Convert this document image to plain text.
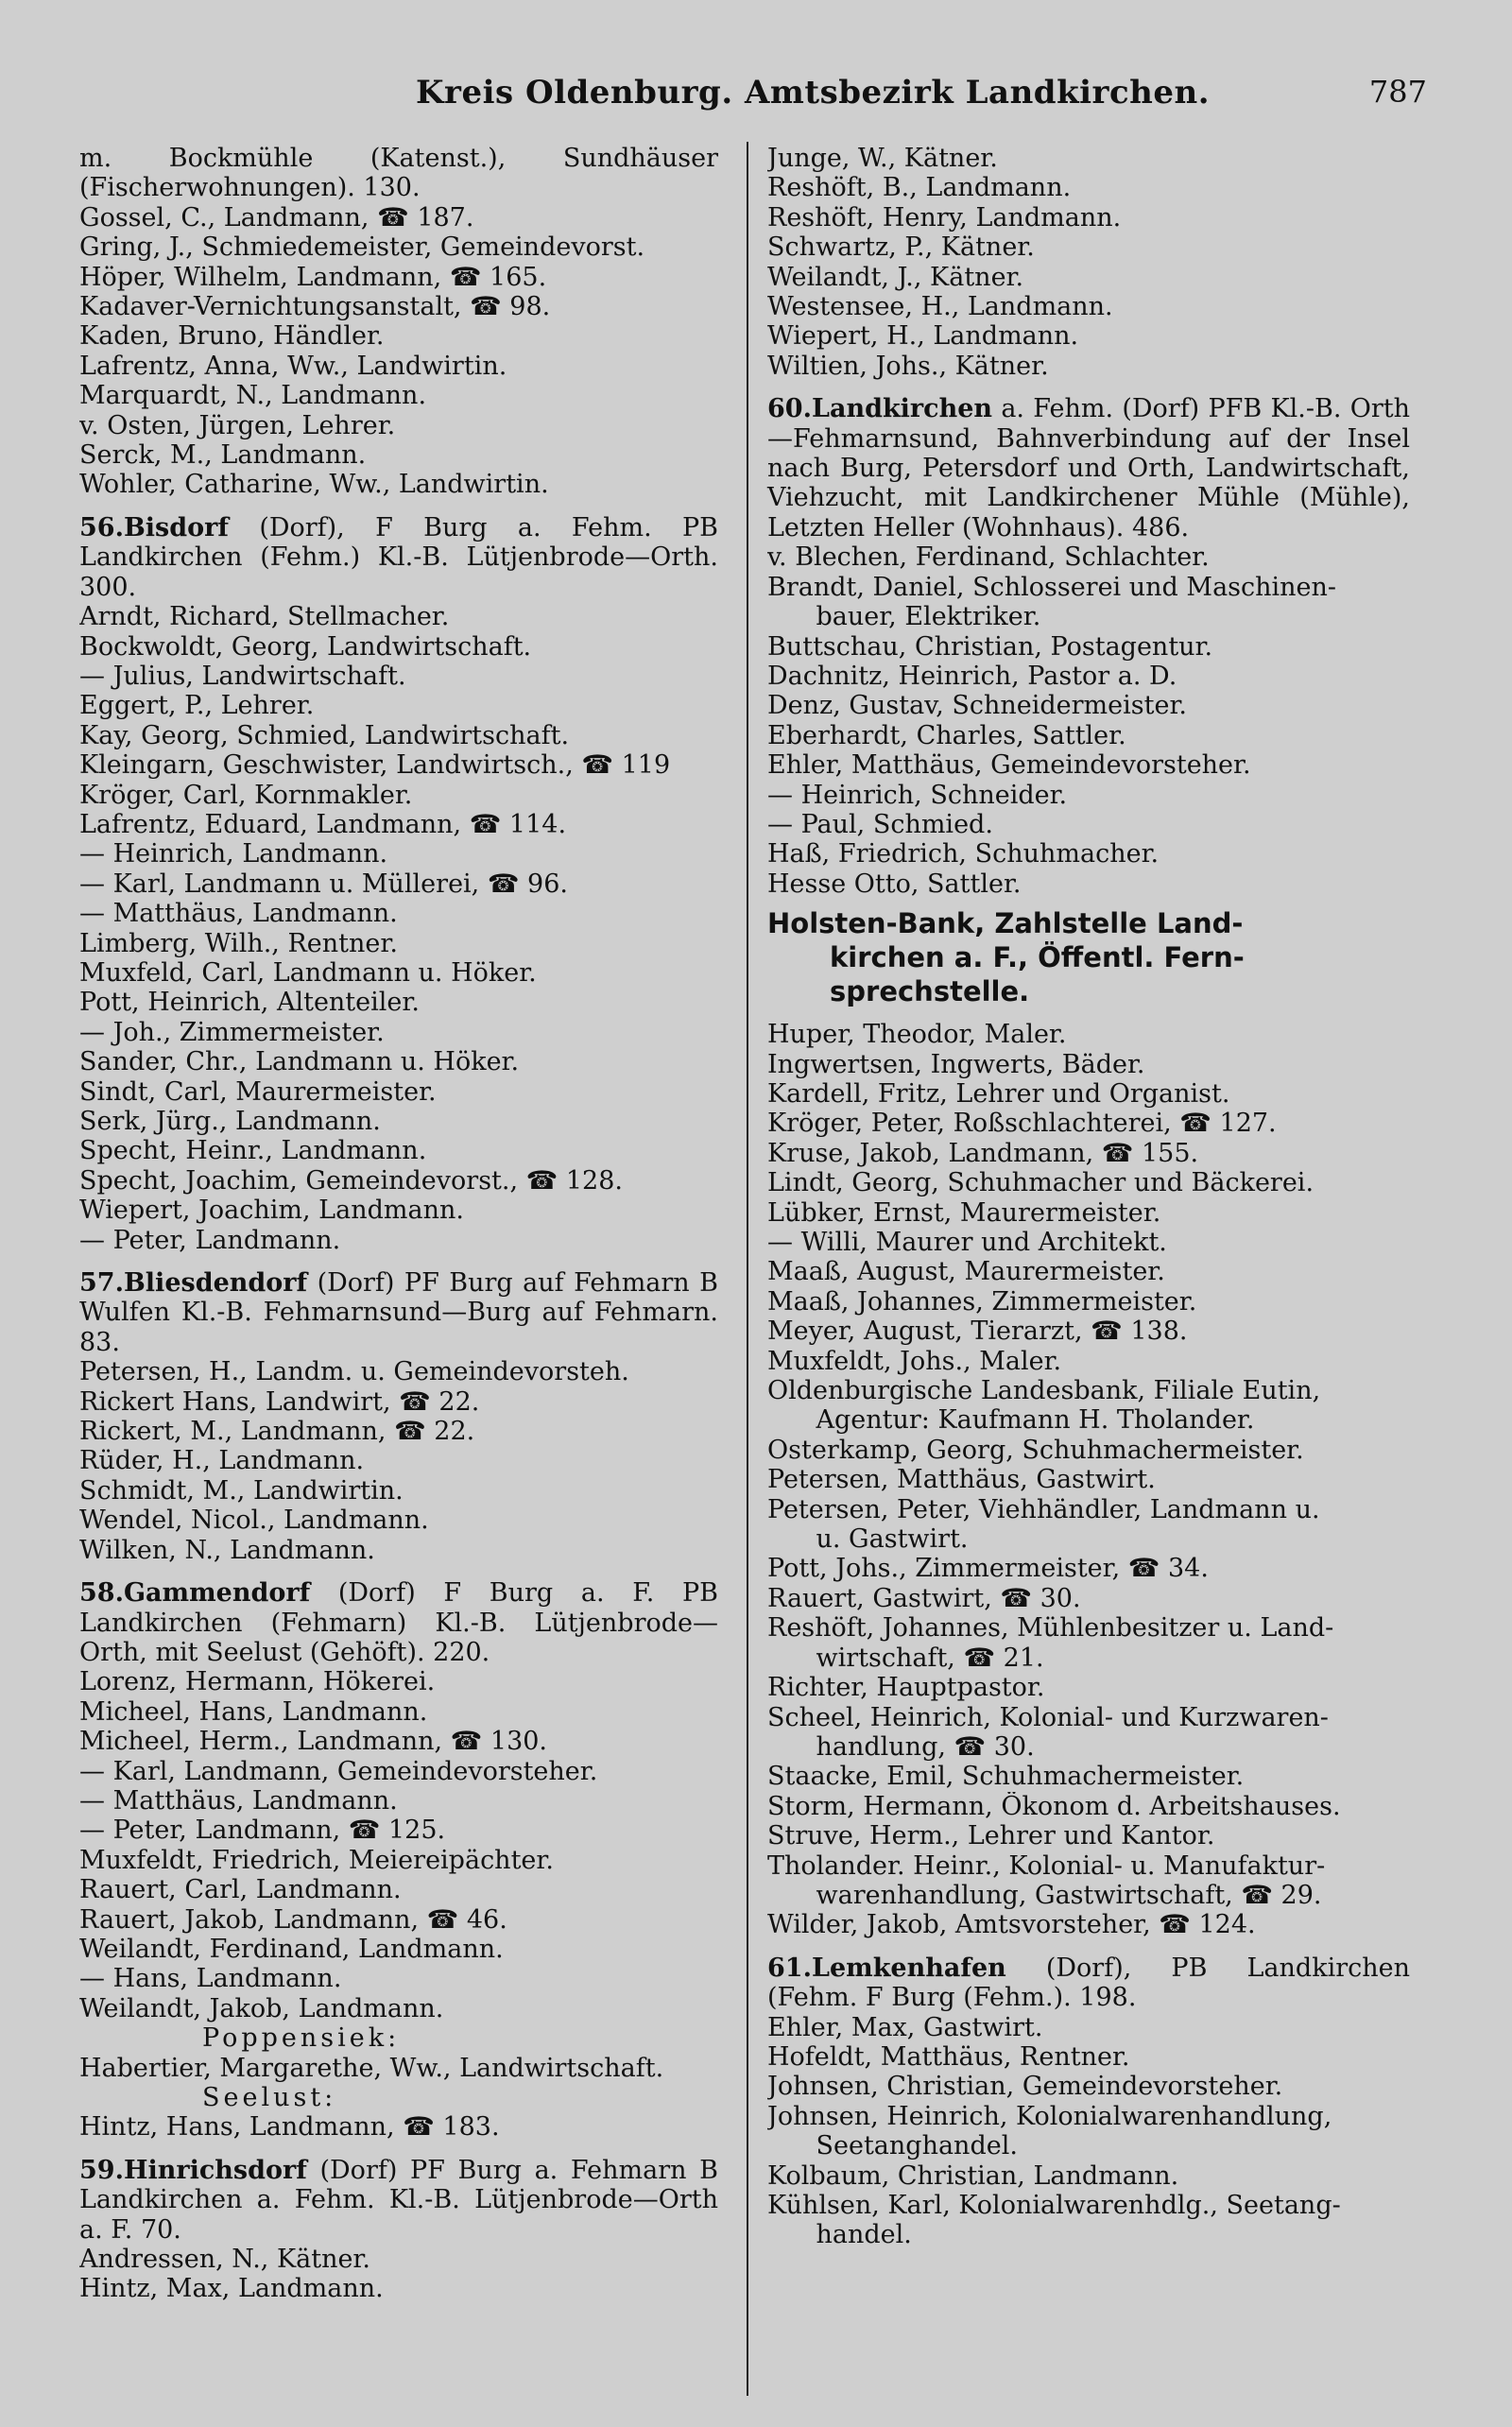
Kreis Oldenburg. Amtsbezirk Landkirchen.	787
m. Bockmühle (Katenst.), Sundhäuser (Fischerwohnungen). 130.
Gossel, C., Landmann, ☎ 187.
Gring, J., Schmiedemeister, Gemeindevorst.
Höper, Wilhelm, Landmann, ☎ 165.
Kadaver-Vernichtungsanstalt, ☎ 98.
Kaden, Bruno, Händler.
Lafrentz, Anna, Ww., Landwirtin.
Marquardt, N., Landmann.
v. Osten, Jürgen, Lehrer.
Serck, M., Landmann.
Wohler, Catharine, Ww., Landwirtin.
56.Bisdorf (Dorf), F Burg a. Fehm. PB Landkirchen (Fehm.) Kl.-B. Lütjenbrode—Orth. 300.
Arndt, Richard, Stellmacher.
Bockwoldt, Georg, Landwirtschaft.
— Julius, Landwirtschaft.
Eggert, P., Lehrer.
Kay, Georg, Schmied, Landwirtschaft.
Kleingarn, Geschwister, Landwirtsch., ☎ 119
Kröger, Carl, Kornmakler.
Lafrentz, Eduard, Landmann, ☎ 114.
— Heinrich, Landmann.
— Karl, Landmann u. Müllerei, ☎ 96.
— Matthäus, Landmann.
Limberg, Wilh., Rentner.
Muxfeld, Carl, Landmann u. Höker.
Pott, Heinrich, Altenteiler.
— Joh., Zimmermeister.
Sander, Chr., Landmann u. Höker.
Sindt, Carl, Maurermeister.
Serk, Jürg., Landmann.
Specht, Heinr., Landmann.
Specht, Joachim, Gemeindevorst., ☎ 128.
Wiepert, Joachim, Landmann.
— Peter, Landmann.
57.Bliesdendorf (Dorf) PF Burg auf Fehmarn B Wulfen Kl.-B. Fehmarnsund—Burg auf Fehmarn. 83.
Petersen, H., Landm. u. Gemeindevorsteh.
Rickert Hans, Landwirt, ☎ 22.
Rickert, M., Landmann, ☎ 22.
Rüder, H., Landmann.
Schmidt, M., Landwirtin.
Wendel, Nicol., Landmann.
Wilken, N., Landmann.
58.Gammendorf (Dorf) F Burg a. F. PB Landkirchen (Fehmarn) Kl.-B. Lütjenbrode—Orth, mit Seelust (Gehöft). 220.
Lorenz, Hermann, Hökerei.
Micheel, Hans, Landmann.
Micheel, Herm., Landmann, ☎ 130.
— Karl, Landmann, Gemeindevorsteher.
— Matthäus, Landmann.
— Peter, Landmann, ☎ 125.
Muxfeldt, Friedrich, Meiereipächter.
Rauert, Carl, Landmann.
Rauert, Jakob, Landmann, ☎ 46.
Weilandt, Ferdinand, Landmann.
— Hans, Landmann.
Weilandt, Jakob, Landmann.
Poppensiek:
Habertier, Margarethe, Ww., Landwirtschaft.
Seelust:
Hintz, Hans, Landmann, ☎ 183.
59.Hinrichsdorf (Dorf) PF Burg a. Fehmarn B Landkirchen a. Fehm. Kl.-B. Lütjenbrode—Orth a. F. 70.
Andressen, N., Kätner.
Hintz, Max, Landmann.
Junge, W., Kätner.
Reshöft, B., Landmann.
Reshöft, Henry, Landmann.
Schwartz, P., Kätner.
Weilandt, J., Kätner.
Westensee, H., Landmann.
Wiepert, H., Landmann.
Wiltien, Johs., Kätner.
60.Landkirchen a. Fehm. (Dorf) PFB Kl.-B. Orth—Fehmarnsund, Bahnverbindung auf der Insel nach Burg, Petersdorf und Orth, Landwirtschaft, Viehzucht, mit Landkirchener Mühle (Mühle), Letzten Heller (Wohnhaus). 486.
v. Blechen, Ferdinand, Schlachter.
Brandt, Daniel, Schlosserei und Maschinen-
bauer, Elektriker.
Buttschau, Christian, Postagentur.
Dachnitz, Heinrich, Pastor a. D.
Denz, Gustav, Schneidermeister.
Eberhardt, Charles, Sattler.
Ehler, Matthäus, Gemeindevorsteher.
— Heinrich, Schneider.
— Paul, Schmied.
Haß, Friedrich, Schuhmacher.
Hesse Otto, Sattler.
Holsten-Bank, Zahlstelle Land-
kirchen a. F., Öffentl. Fern-
sprechstelle.
Huper, Theodor, Maler.
Ingwertsen, Ingwerts, Bäder.
Kardell, Fritz, Lehrer und Organist.
Kröger, Peter, Roßschlachterei, ☎ 127.
Kruse, Jakob, Landmann, ☎ 155.
Lindt, Georg, Schuhmacher und Bäckerei.
Lübker, Ernst, Maurermeister.
— Willi, Maurer und Architekt.
Maaß, August, Maurermeister.
Maaß, Johannes, Zimmermeister.
Meyer, August, Tierarzt, ☎ 138.
Muxfeldt, Johs., Maler.
Oldenburgische Landesbank, Filiale Eutin,
Agentur: Kaufmann H. Tholander.
Osterkamp, Georg, Schuhmachermeister.
Petersen, Matthäus, Gastwirt.
Petersen, Peter, Viehhändler, Landmann u.
u. Gastwirt.
Pott, Johs., Zimmermeister, ☎ 34.
Rauert, Gastwirt, ☎ 30.
Reshöft, Johannes, Mühlenbesitzer u. Land-
wirtschaft, ☎ 21.
Richter, Hauptpastor.
Scheel, Heinrich, Kolonial- und Kurzwaren-
handlung, ☎ 30.
Staacke, Emil, Schuhmachermeister.
Storm, Hermann, Ökonom d. Arbeitshauses.
Struve, Herm., Lehrer und Kantor.
Tholander. Heinr., Kolonial- u. Manufaktur-
warenhandlung, Gastwirtschaft, ☎ 29.
Wilder, Jakob, Amtsvorsteher, ☎ 124.
61.Lemkenhafen (Dorf), PB Landkirchen (Fehm. F Burg (Fehm.). 198.
Ehler, Max, Gastwirt.
Hofeldt, Matthäus, Rentner.
Johnsen, Christian, Gemeindevorsteher.
Johnsen, Heinrich, Kolonialwarenhandlung,
Seetanghandel.
Kolbaum, Christian, Landmann.
Kühlsen, Karl, Kolonialwarenhdlg., Seetang-
handel.
